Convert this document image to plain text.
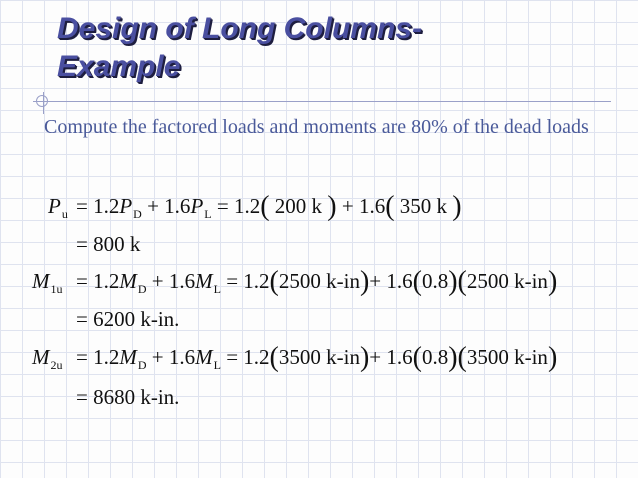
Design of Long Columns-
Example
Compute the factored loads and moments are 80% of the dead loads
$P_u = 1.2P_D + 1.6P_L = 1.2$( 200 k ) + 1.6( 350 k )
= 800 k
$M_{1u} = 1.2M_D + 1.6M_L = 1.2(2500$ k-in)+ 1.6(0.8)(2500 k-in)
= 6200 k-in.
$M_{2u} = 1.2M_D + 1.6M_L = 1.2(3500$ k-in)+ 1.6(0.8)(3500 k-in)
= 8680 k-in.
